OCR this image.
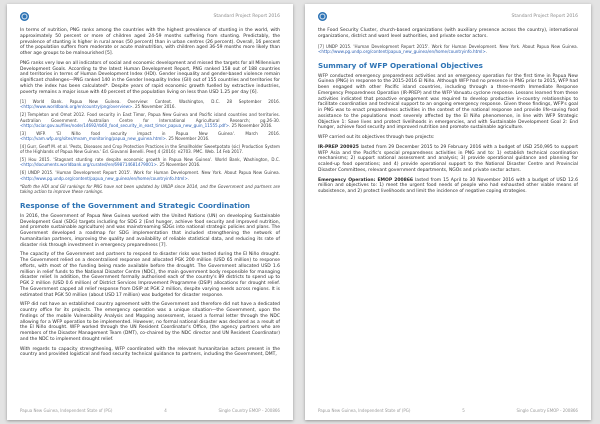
Standard Project Report 2016

In terms of nutrition, PNG ranks among the countries with the highest prevalence of stunting in the world, with approximately 50 percent or more of children aged 24-59 months suffering from stunting. Predictably, the prevalence of stunting is higher in rural areas (50 percent) than in urban centres (26 percent). Overall, 16 percent of the population suffers from moderate or acute malnutrition, with children aged 36-59 months more likely than other age groups to be malnourished [5].

PNG ranks very low on all indicators of social and economic development and missed the targets for all Millennium Development Goals. According to the latest Human Development Report, PNG ranked 158 out of 188 countries and territories in terms of Human Development Index (HDI). Gender inequality and gender-based violence remain significant challenges—PNG ranked 140 in the Gender Inequality Index (GII) out of 155 countries and territories for which the index has been calculated*. Despite years of rapid economic growth fuelled by extractive industries, poverty remains a major issue with 40 percent of the population living on less than USD 1.25 per day [6].

[1] World Bank. Papua New Guinea. Overview: Context. Washington, D.C. 28 September 2016. <http://www.worldbank.org/en/country/png/overview>. 25 November 2016.

[2] Templeton and Omot 2012. Food security in East Timor, Papua New Guinea and Pacific island countries and territories. Australian Government. Australian Centre for International Agricultural Research; pg.26-30. <http://aciar.gov.au/files/node/14692/rb60_food_security_in_east_timor_papua_new_guin_11555.pdf>. 25 November 2016.

[3] WFP. 'El Niño food security impact in Papua New Guinea'. March 2016. <http://vam.wfp.org/sites/mvam_monitoring/papua_new_guinea.html>. 25 November 2016.

[4] Gurr, Geoff M. et al. 'Pests, Diseases and Crop Protection Practices in the Smallholder Sweetpotato (sic) Production System of the Highlands of Papua New Guinea.' Ed. Giovanni Benelli. PeerJ 4 (2016): e2703. PMC. Web. 14 Feb 2017.

[5] Hou 2015. 'Stagnant stunting rate despite economic growth in Papua New Guinea'. World Bank, Washington, D.C. <http://documents.worldbank.org/curated/en/698714681479001>. 25 November 2016.

[6] UNDP 2015. 'Human Development Report 2015'. Work for Human Development. New York. About Papua New Guinea. <http://www.pg.undp.org/content/papua_new_guinea/en/home/countryinfo.html>.

*Both the HDI and GII rankings for PNG have not been updated by UNDP since 2014, and the Government and partners are taking action to improve these rankings.

Response of the Government and Strategic Coordination

In 2016, the Government of Papua New Guinea worked with the United Nations (UN) on developing Sustainable Development Goal (SDG) targets including for SDG 2 (End hunger, achieve food security and improved nutrition, and promote sustainable agriculture) and was mainstreaming SDGs into national strategic policies and plans. The Government developed a roadmap for SDG implementation that included strengthening the network of humanitarian partners, improving the quality and availability of reliable statistical data, and reducing its rate of disaster risk through investment in emergency preparedness [7].

The capacity of the Government and partners to respond to disaster risks was tested during the El Niño drought. The Government relied on a decentralised response and allocated PGK 200 million (USD 65 million) to response efforts, with most of the funding being made available before the drought. The Government allocated USD 1.6 million in relief funds to the National Disaster Centre (NDC), the main government body responsible for managing disaster relief. In addition, the Government formally authorised each of the country's 89 districts to spend up to PGK 2 million (USD 0.6 million) of District Services Improvement Programme (DSIP) allocations for drought relief. The Government capped all relief response from DSIP at PGK 2 million, despite varying needs across regions. It is estimated that PGK 50 million (about USD 17 million) was budgeted for disaster response.

WFP did not have an established country agreement with the Government and therefore did not have a dedicated country office for its projects. The emergency operation was a unique situation—the Government, upon the findings of the mobile Vulnerability Analysis and Mapping assessment, issued a formal letter through the NDC allowing for a WFP operation to be implemented. However, no formal national disaster was declared as a result of the El Niño drought. WFP worked through the UN Resident Coordinator's Office, (the agency partners who are members of the Disaster Management Team (DMT), co-chaired by the NDC director and UN Resident Coordinator) and the NDC to implement drought relief.

With regards to capacity strengthening, WFP coordinated with the relevant humanitarian actors present in the country and provided logistical and food security technical guidance to partners, including the Government, DMT,

Papua New Guinea, Independent State of (PG)	4	Single Country EMOP - 200866
Standard Project Report 2016

the Food Security Cluster, church-based organizations (with auxiliary presence across the country), international organizations, district and ward level authorities, and private sector actors.

[7] UNDP 2015. 'Human Development Report 2015'. Work for Human Development. New York. About Papua New Guinea. <http://www.pg.undp.org/content/papua_new_guinea/en/home/countryinfo.html>.

Summary of WFP Operational Objectives

WFP conducted emergency preparedness activities and an emergency operation for the first time in Papua New Guinea (PNG) in response to the 2015-2016 El Niño. Although WFP had no presence in PNG prior to 2015, WFP had been engaged with other Pacific island countries, including through a three-month Immediate Response Emergency Preparedness Operation (IR-PREP) and the WFP Vanuatu cyclone response. Lessons learned from these activities indicated that proactive engagement was required to develop productive in-country relationships to facilitate coordination and technical support to an ongoing emergency response. Given these findings, WFP's goal in PNG was to enact preparedness activities in the context of the national response and provide life-saving food assistance to the populations most severely affected by the El Niño phenomenon, in line with WFP Strategic Objective 1: Save lives and protect livelihoods in emergencies, and with Sustainable Development Goal 2: End hunger, achieve food security and improved nutrition and promote sustainable agriculture.

WFP carried out its objectives through two projects:

IR-PREP 200925 lasted from 29 December 2015 to 29 February 2016 with a budget of USD 250,995 to support WFP Asia and the Pacific's special preparedness activities in PNG and to: 1) establish technical coordination mechanisms; 2) support national assessment and analysis; 3) provide operational guidance and planning for scaled-up food operations; and 4) provide operational support to the National Disaster Centre and Provincial Disaster Committees, relevant government departments, NGOs and private sector actors.

Emergency Operation: EMOP 200866 lasted from 15 April to 30 November 2016 with a budget of USD 12.6 million and objectives to: 1) meet the urgent food needs of people who had exhausted other viable means of subsistence, and 2) protect livelihoods and limit the incidence of negative coping strategies.

Papua New Guinea, Independent State of (PG)	5	Single Country EMOP - 200866
